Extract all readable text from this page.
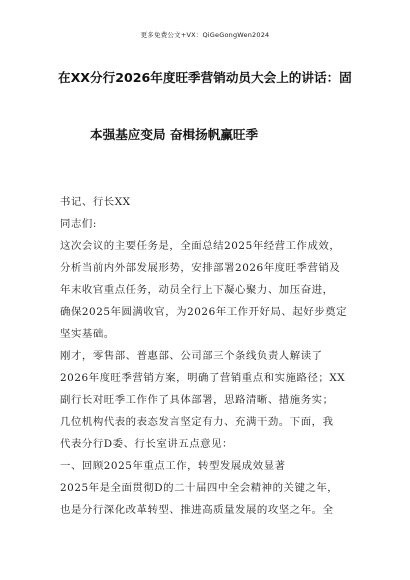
更多免费公文+VX：QiGeGongWen2024
在XX分行2026年度旺季营销动员大会上的讲话：固
本强基应变局 奋楫扬帆赢旺季
书记、行长XX
同志们:
这次会议的主要任务是，全面总结2025年经营工作成效，
分析当前内外部发展形势，安排部署2026年度旺季营销及
年末收官重点任务，动员全行上下凝心聚力、加压奋进，
确保2025年圆满收官，为2026年工作开好局、起好步奠定
坚实基础。
刚才，零售部、普惠部、公司部三个条线负责人解读了
2026年度旺季营销方案，明确了营销重点和实施路径；XX
副行长对旺季工作作了具体部署，思路清晰、措施务实；
几位机构代表的表态发言坚定有力、充满干劲。下面，我
代表分行D委、行长室讲五点意见：
一、回顾2025年重点工作，转型发展成效显著
2025年是全面贯彻D的二十届四中全会精神的关键之年，
也是分行深化改革转型、推进高质量发展的攻坚之年。全
